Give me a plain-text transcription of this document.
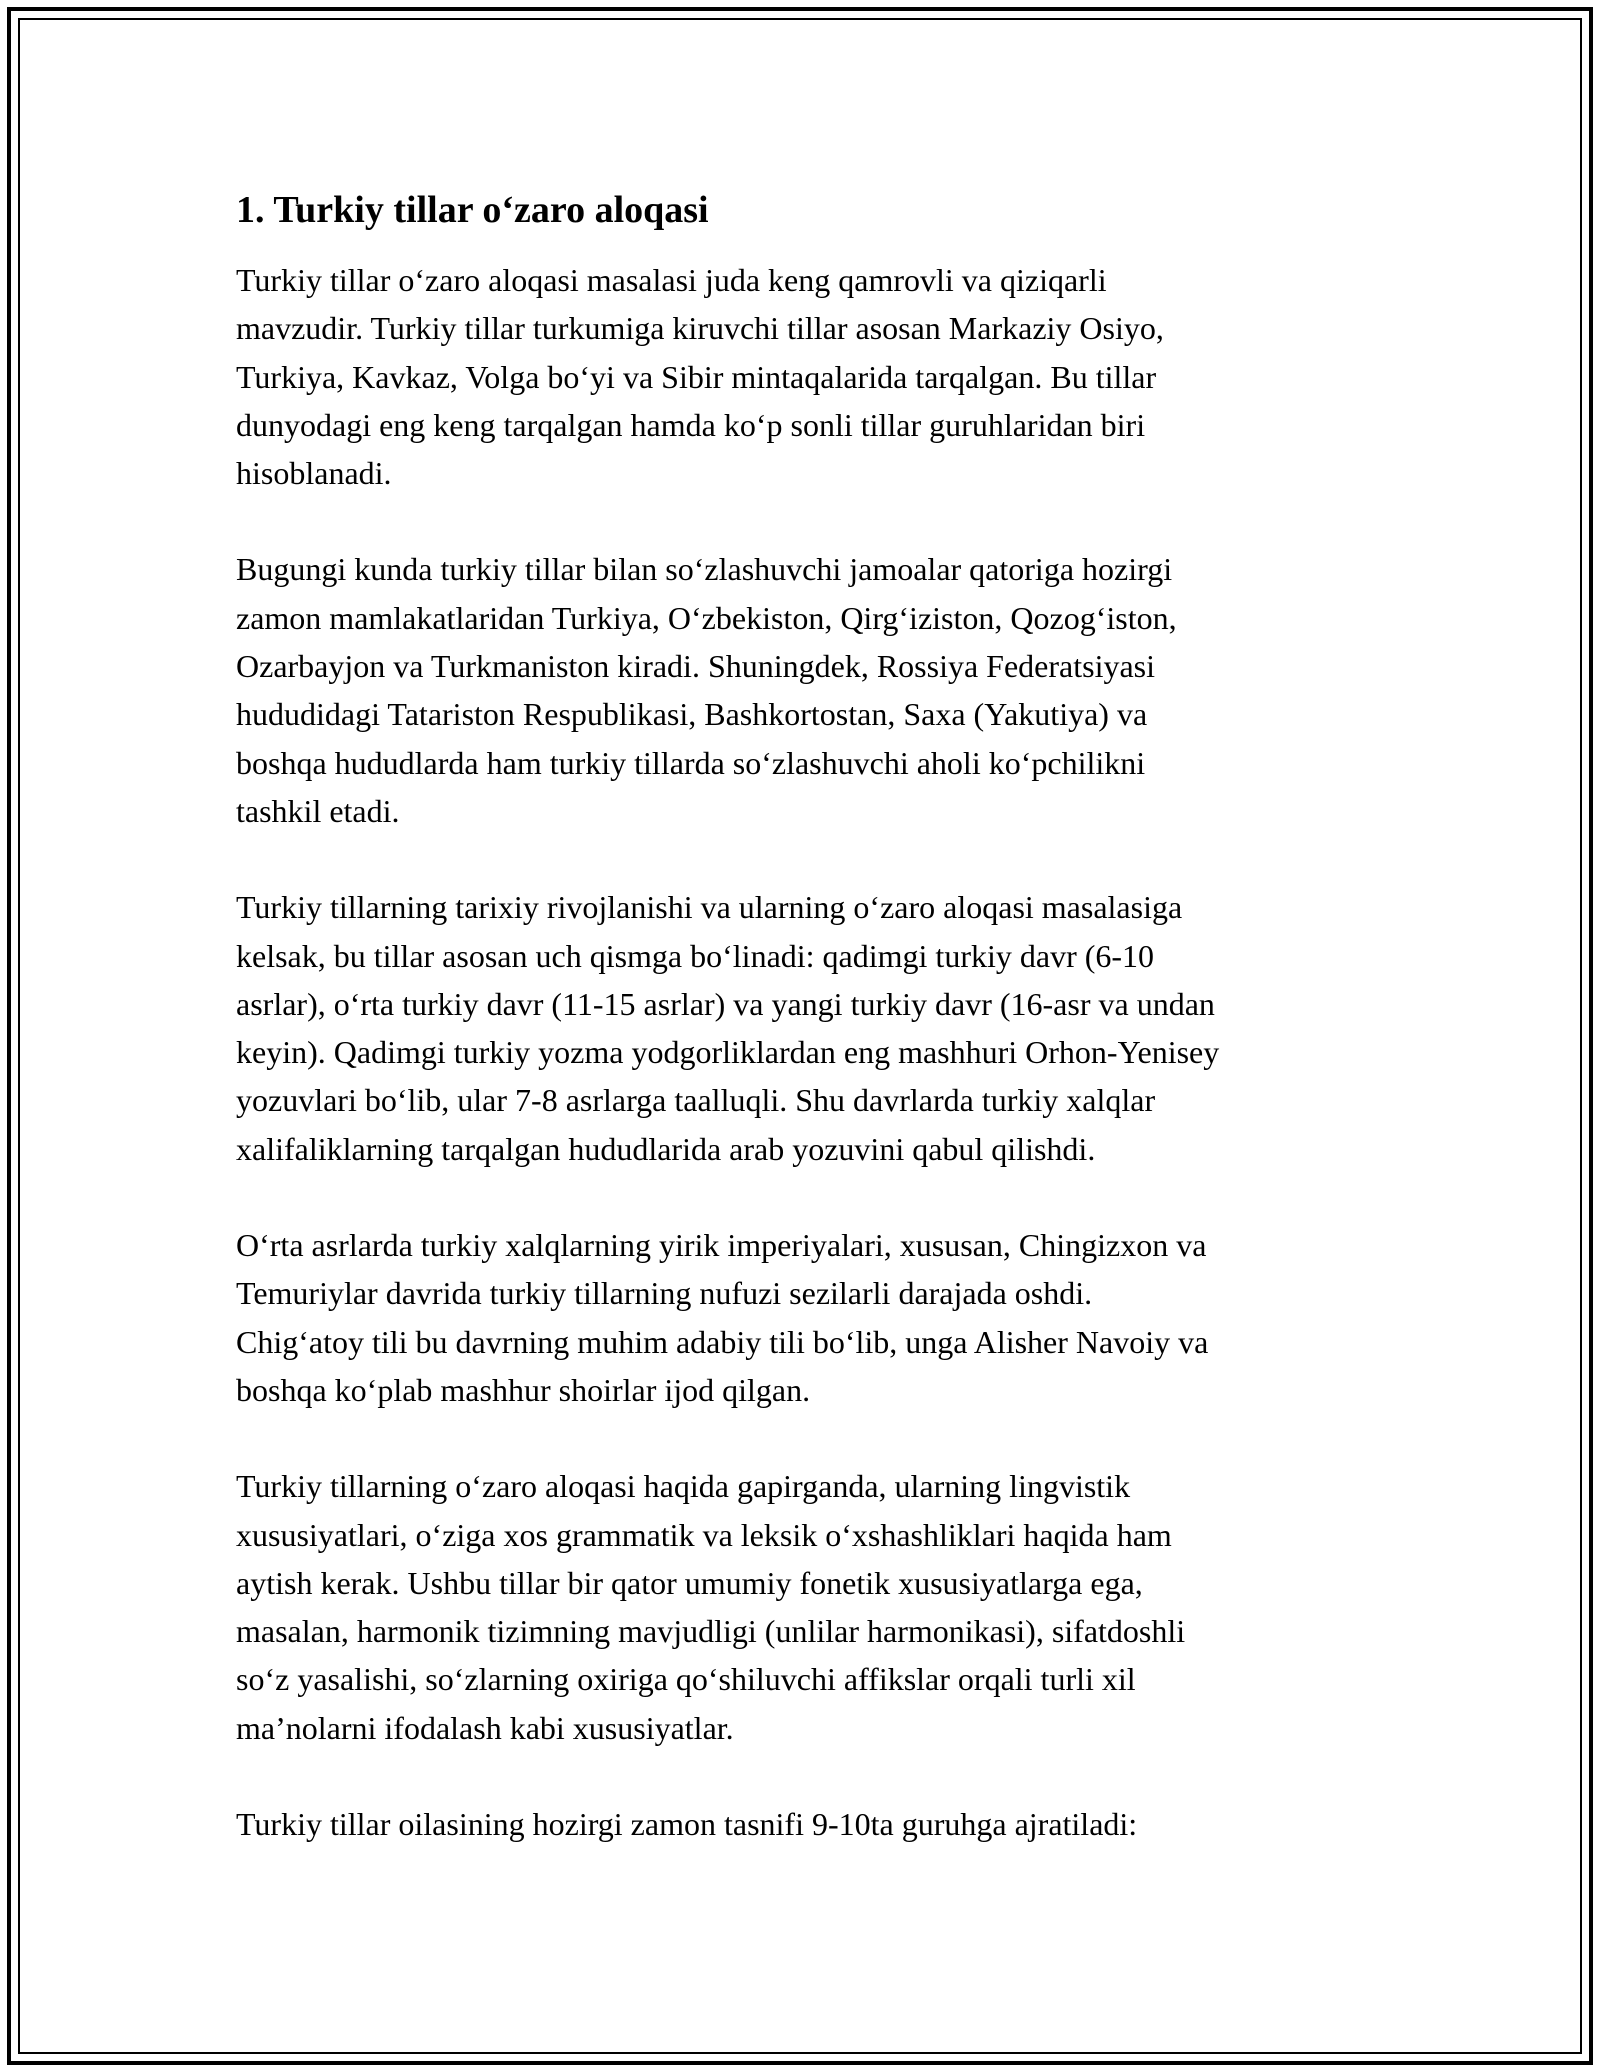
1. Turkiy tillar o‘zaro aloqasi

Turkiy tillar o‘zaro aloqasi masalasi juda keng qamrovli va qiziqarli
mavzudir. Turkiy tillar turkumiga kiruvchi tillar asosan Markaziy Osiyo,
Turkiya, Kavkaz, Volga bo‘yi va Sibir mintaqalarida tarqalgan. Bu tillar
dunyodagi eng keng tarqalgan hamda ko‘p sonli tillar guruhlaridan biri
hisoblanadi.

Bugungi kunda turkiy tillar bilan so‘zlashuvchi jamoalar qatoriga hozirgi
zamon mamlakatlaridan Turkiya, O‘zbekiston, Qirg‘iziston, Qozog‘iston,
Ozarbayjon va Turkmaniston kiradi. Shuningdek, Rossiya Federatsiyasi
hududidagi Tatariston Respublikasi, Bashkortostan, Saxa (Yakutiya) va
boshqa hududlarda ham turkiy tillarda so‘zlashuvchi aholi ko‘pchilikni
tashkil etadi.

Turkiy tillarning tarixiy rivojlanishi va ularning o‘zaro aloqasi masalasiga
kelsak, bu tillar asosan uch qismga bo‘linadi: qadimgi turkiy davr (6-10
asrlar), o‘rta turkiy davr (11-15 asrlar) va yangi turkiy davr (16-asr va undan
keyin). Qadimgi turkiy yozma yodgorliklardan eng mashhuri Orhon-Yenisey
yozuvlari bo‘lib, ular 7-8 asrlarga taalluqli. Shu davrlarda turkiy xalqlar
xalifaliklarning tarqalgan hududlarida arab yozuvini qabul qilishdi.

O‘rta asrlarda turkiy xalqlarning yirik imperiyalari, xususan, Chingizxon va
Temuriylar davrida turkiy tillarning nufuzi sezilarli darajada oshdi.
Chig‘atoy tili bu davrning muhim adabiy tili bo‘lib, unga Alisher Navoiy va
boshqa ko‘plab mashhur shoirlar ijod qilgan.

Turkiy tillarning o‘zaro aloqasi haqida gapirganda, ularning lingvistik
xususiyatlari, o‘ziga xos grammatik va leksik o‘xshashliklari haqida ham
aytish kerak. Ushbu tillar bir qator umumiy fonetik xususiyatlarga ega,
masalan, harmonik tizimning mavjudligi (unlilar harmonikasi), sifatdoshli
so‘z yasalishi, so‘zlarning oxiriga qo‘shiluvchi affikslar orqali turli xil
ma’nolarni ifodalash kabi xususiyatlar.

Turkiy tillar oilasining hozirgi zamon tasnifi 9-10ta guruhga ajratiladi:
